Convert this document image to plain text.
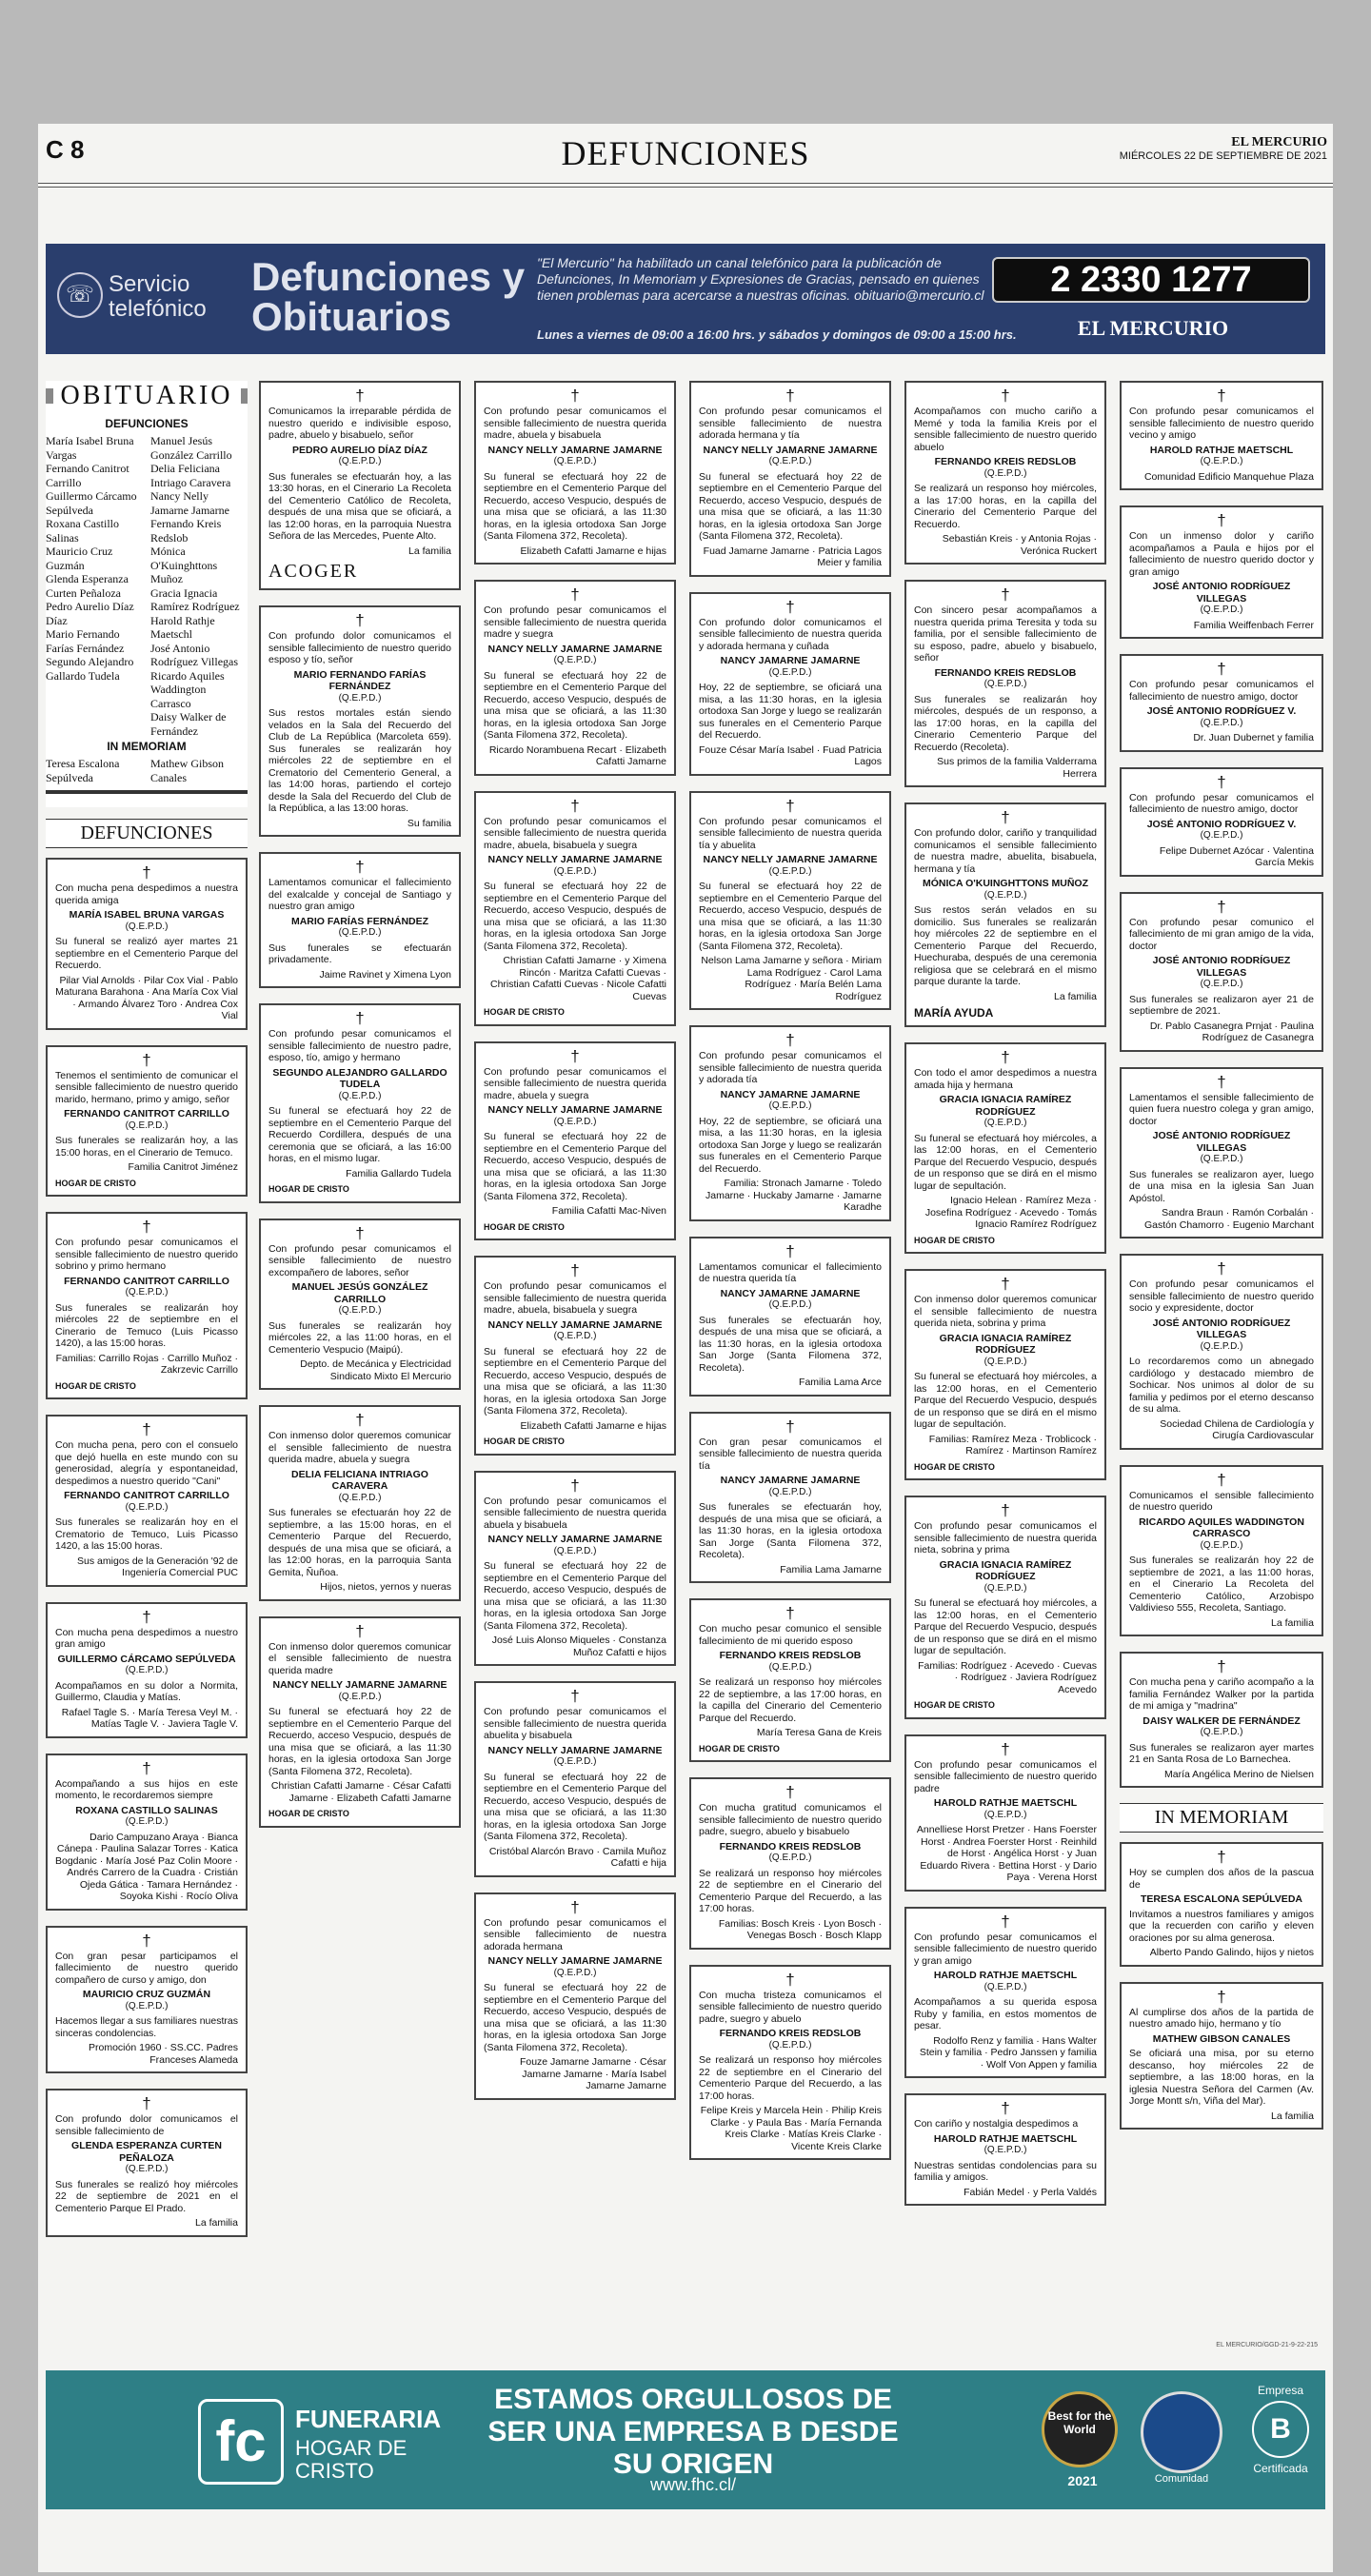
C 8	DEFUNCIONES	EL MERCURIO
MIÉRCOLES 22 DE SEPTIEMBRE DE 2021
☏ Servicio telefónico
Defunciones y Obituarios
"El Mercurio" ha habilitado un canal telefónico para la publicación de Defunciones, In Memoriam y Expresiones de Gracias, pensado en quienes tienen problemas para acercarse a nuestras oficinas. obituario@mercurio.cl
Lunes a viernes de 09:00 a 16:00 hrs. y sábados y domingos de 09:00 a 15:00 hrs.
2 2330 1277
EL MERCURIO
OBITUARIO
DEFUNCIONES

María Isabel Bruna Vargas

Fernando Canitrot Carrillo

Guillermo Cárcamo Sepúlveda

Roxana Castillo Salinas

Mauricio Cruz Guzmán

Glenda Esperanza Curten Peñaloza

Pedro Aurelio Díaz Díaz

Mario Fernando Farías Fernández

Segundo Alejandro Gallardo Tudela

Manuel Jesús González Carrillo

Delia Feliciana Intriago Caravera

Nancy Nelly Jamarne Jamarne

Fernando Kreis Redslob

Mónica O'Kuinghttons Muñoz

Gracia Ignacia Ramírez Rodríguez

Harold Rathje Maetschl

José Antonio Rodríguez Villegas

Ricardo Aquiles Waddington Carrasco

Daisy Walker de Fernández

IN MEMORIAM

Teresa Escalona Sepúlveda

Mathew Gibson Canales

DEFUNCIONES
†
Con mucha pena despedimos a nuestra querida amiga
MARÍA ISABEL BRUNA VARGAS
(Q.E.P.D.)
Su funeral se realizó ayer martes 21 septiembre en el Cementerio Parque del Recuerdo.
Pilar Vial Arnolds · Pilar Cox Vial · Pablo Maturana Barahona · Ana María Cox Vial · Armando Álvarez Toro · Andrea Cox Vial
†
Tenemos el sentimiento de comunicar el sensible fallecimiento de nuestro querido marido, hermano, primo y amigo, señor
FERNANDO CANITROT CARRILLO
(Q.E.P.D.)
Sus funerales se realizarán hoy, a las 15:00 horas, en el Cinerario de Temuco.
Familia Canitrot Jiménez
HOGAR DE CRISTO
†
Con profundo pesar comunicamos el sensible fallecimiento de nuestro querido sobrino y primo hermano
FERNANDO CANITROT CARRILLO
(Q.E.P.D.)
Sus funerales se realizarán hoy miércoles 22 de septiembre en el Cinerario de Temuco (Luis Picasso 1420), a las 15:00 horas.
Familias: Carrillo Rojas · Carrillo Muñoz · Zakrzevic Carrillo
HOGAR DE CRISTO
†
Con mucha pena, pero con el consuelo que dejó huella en este mundo con su generosidad, alegría y espontaneidad, despedimos a nuestro querido "Cani"
FERNANDO CANITROT CARRILLO
(Q.E.P.D.)
Sus funerales se realizarán hoy en el Crematorio de Temuco, Luis Picasso 1420, a las 15:00 horas.
Sus amigos de la Generación '92 de Ingeniería Comercial PUC
†
Con mucha pena despedimos a nuestro gran amigo
GUILLERMO CÁRCAMO SEPÚLVEDA
(Q.E.P.D.)
Acompañamos en su dolor a Normita, Guillermo, Claudia y Matías.
Rafael Tagle S. · María Teresa Veyl M. · Matías Tagle V. · Javiera Tagle V.
†
Acompañando a sus hijos en este momento, le recordaremos siempre
ROXANA CASTILLO SALINAS
(Q.E.P.D.)
Dario Campuzano Araya · Bianca Cánepa · Paulina Salazar Torres · Katica Bogdanic · María José Paz Colin Moore · Andrés Carrero de la Cuadra · Cristián Ojeda Gática · Tamara Hernández · Soyoka Kishi · Rocío Oliva
†
Con gran pesar participamos el fallecimiento de nuestro querido compañero de curso y amigo, don
MAURICIO CRUZ GUZMÁN
(Q.E.P.D.)
Hacemos llegar a sus familiares nuestras sinceras condolencias.
Promoción 1960 · SS.CC. Padres Franceses Alameda
†
Con profundo dolor comunicamos el sensible fallecimiento de
GLENDA ESPERANZA CURTEN PEÑALOZA
(Q.E.P.D.)
Sus funerales se realizó hoy miércoles 22 de septiembre de 2021 en el Cementerio Parque El Prado.
La familia
†
Comunicamos la irreparable pérdida de nuestro querido e indivisible esposo, padre, abuelo y bisabuelo, señor
PEDRO AURELIO DÍAZ DÍAZ
(Q.E.P.D.)
Sus funerales se efectuarán hoy, a las 13:30 horas, en el Cinerario La Recoleta del Cementerio Católico de Recoleta, después de una misa que se oficiará, a las 12:00 horas, en la parroquia Nuestra Señora de las Mercedes, Puente Alto.
La familia
ACOGER
†
Con profundo dolor comunicamos el sensible fallecimiento de nuestro querido esposo y tío, señor
MARIO FERNANDO FARÍAS FERNÁNDEZ
(Q.E.P.D.)
Sus restos mortales están siendo velados en la Sala del Recuerdo del Club de La República (Marcoleta 659). Sus funerales se realizarán hoy miércoles 22 de septiembre en el Crematorio del Cementerio General, a las 14:00 horas, partiendo el cortejo desde la Sala del Recuerdo del Club de la República, a las 13:00 horas.
Su familia
†
Lamentamos comunicar el fallecimiento del exalcalde y concejal de Santiago y nuestro gran amigo
MARIO FARÍAS FERNÁNDEZ
(Q.E.P.D.)
Sus funerales se efectuarán privadamente.
Jaime Ravinet y Ximena Lyon
†
Con profundo pesar comunicamos el sensible fallecimiento de nuestro padre, esposo, tío, amigo y hermano
SEGUNDO ALEJANDRO GALLARDO TUDELA
(Q.E.P.D.)
Su funeral se efectuará hoy 22 de septiembre en el Cementerio Parque del Recuerdo Cordillera, después de una ceremonia que se oficiará, a las 16:00 horas, en el mismo lugar.
Familia Gallardo Tudela
HOGAR DE CRISTO
†
Con profundo pesar comunicamos el sensible fallecimiento de nuestro excompañero de labores, señor
MANUEL JESÚS GONZÁLEZ CARRILLO
(Q.E.P.D.)
Sus funerales se realizarán hoy miércoles 22, a las 11:00 horas, en el Cementerio Vespucio (Maipú).
Depto. de Mecánica y Electricidad Sindicato Mixto El Mercurio
†
Con inmenso dolor queremos comunicar el sensible fallecimiento de nuestra querida madre, abuela y suegra
DELIA FELICIANA INTRIAGO CARAVERA
(Q.E.P.D.)
Sus funerales se efectuarán hoy 22 de septiembre, a las 15:00 horas, en el Cementerio Parque del Recuerdo, después de una misa que se oficiará, a las 12:00 horas, en la parroquia Santa Gemita, Ñuñoa.
Hijos, nietos, yernos y nueras
†
Con inmenso dolor queremos comunicar el sensible fallecimiento de nuestra querida madre
NANCY NELLY JAMARNE JAMARNE
(Q.E.P.D.)
Su funeral se efectuará hoy 22 de septiembre en el Cementerio Parque del Recuerdo, acceso Vespucio, después de una misa que se oficiará, a las 11:30 horas, en la iglesia ortodoxa San Jorge (Santa Filomena 372, Recoleta).
Christian Cafatti Jamarne · César Cafatti Jamarne · Elizabeth Cafatti Jamarne
HOGAR DE CRISTO
†
Con profundo pesar comunicamos el sensible fallecimiento de nuestra querida madre, abuela y bisabuela
NANCY NELLY JAMARNE JAMARNE
(Q.E.P.D.)
Su funeral se efectuará hoy 22 de septiembre en el Cementerio Parque del Recuerdo, acceso Vespucio, después de una misa que se oficiará, a las 11:30 horas, en la iglesia ortodoxa San Jorge (Santa Filomena 372, Recoleta).
Elizabeth Cafatti Jamarne e hijas
†
Con profundo pesar comunicamos el sensible fallecimiento de nuestra querida madre y suegra
NANCY NELLY JAMARNE JAMARNE
(Q.E.P.D.)
Su funeral se efectuará hoy 22 de septiembre en el Cementerio Parque del Recuerdo, acceso Vespucio, después de una misa que se oficiará, a las 11:30 horas, en la iglesia ortodoxa San Jorge (Santa Filomena 372, Recoleta).
Ricardo Norambuena Recart · Elizabeth Cafatti Jamarne
†
Con profundo pesar comunicamos el sensible fallecimiento de nuestra querida madre, abuela, bisabuela y suegra
NANCY NELLY JAMARNE JAMARNE
(Q.E.P.D.)
Su funeral se efectuará hoy 22 de septiembre en el Cementerio Parque del Recuerdo, acceso Vespucio, después de una misa que se oficiará, a las 11:30 horas, en la iglesia ortodoxa San Jorge (Santa Filomena 372, Recoleta).
Christian Cafatti Jamarne · y Ximena Rincón · Maritza Cafatti Cuevas · Christian Cafatti Cuevas · Nicole Cafatti Cuevas
HOGAR DE CRISTO
†
Con profundo pesar comunicamos el sensible fallecimiento de nuestra querida madre, abuela y suegra
NANCY NELLY JAMARNE JAMARNE
(Q.E.P.D.)
Su funeral se efectuará hoy 22 de septiembre en el Cementerio Parque del Recuerdo, acceso Vespucio, después de una misa que se oficiará, a las 11:30 horas, en la iglesia ortodoxa San Jorge (Santa Filomena 372, Recoleta).
Familia Cafatti Mac-Niven
HOGAR DE CRISTO
†
Con profundo pesar comunicamos el sensible fallecimiento de nuestra querida madre, abuela, bisabuela y suegra
NANCY NELLY JAMARNE JAMARNE
(Q.E.P.D.)
Su funeral se efectuará hoy 22 de septiembre en el Cementerio Parque del Recuerdo, acceso Vespucio, después de una misa que se oficiará, a las 11:30 horas, en la iglesia ortodoxa San Jorge (Santa Filomena 372, Recoleta).
Elizabeth Cafatti Jamarne e hijas
HOGAR DE CRISTO
†
Con profundo pesar comunicamos el sensible fallecimiento de nuestra querida abuela y bisabuela
NANCY NELLY JAMARNE JAMARNE
(Q.E.P.D.)
Su funeral se efectuará hoy 22 de septiembre en el Cementerio Parque del Recuerdo, acceso Vespucio, después de una misa que se oficiará, a las 11:30 horas, en la iglesia ortodoxa San Jorge (Santa Filomena 372, Recoleta).
José Luis Alonso Miqueles · Constanza Muñoz Cafatti e hijos
†
Con profundo pesar comunicamos el sensible fallecimiento de nuestra querida abuelita y bisabuela
NANCY NELLY JAMARNE JAMARNE
(Q.E.P.D.)
Su funeral se efectuará hoy 22 de septiembre en el Cementerio Parque del Recuerdo, acceso Vespucio, después de una misa que se oficiará, a las 11:30 horas, en la iglesia ortodoxa San Jorge (Santa Filomena 372, Recoleta).
Cristóbal Alarcón Bravo · Camila Muñoz Cafatti e hija
†
Con profundo pesar comunicamos el sensible fallecimiento de nuestra adorada hermana
NANCY NELLY JAMARNE JAMARNE
(Q.E.P.D.)
Su funeral se efectuará hoy 22 de septiembre en el Cementerio Parque del Recuerdo, acceso Vespucio, después de una misa que se oficiará, a las 11:30 horas, en la iglesia ortodoxa San Jorge (Santa Filomena 372, Recoleta).
Fouze Jamarne Jamarne · César Jamarne Jamarne · María Isabel Jamarne Jamarne
†
Con profundo pesar comunicamos el sensible fallecimiento de nuestra adorada hermana y tía
NANCY NELLY JAMARNE JAMARNE
(Q.E.P.D.)
Su funeral se efectuará hoy 22 de septiembre en el Cementerio Parque del Recuerdo, acceso Vespucio, después de una misa que se oficiará, a las 11:30 horas, en la iglesia ortodoxa San Jorge (Santa Filomena 372, Recoleta).
Fuad Jamarne Jamarne · Patricia Lagos Meier y familia
†
Con profundo dolor comunicamos el sensible fallecimiento de nuestra querida y adorada hermana y cuñada
NANCY JAMARNE JAMARNE
(Q.E.P.D.)
Hoy, 22 de septiembre, se oficiará una misa, a las 11:30 horas, en la iglesia ortodoxa San Jorge y luego se realizarán sus funerales en el Cementerio Parque del Recuerdo.
Fouze César María Isabel · Fuad Patricia Lagos
†
Con profundo pesar comunicamos el sensible fallecimiento de nuestra querida tía y abuelita
NANCY NELLY JAMARNE JAMARNE
(Q.E.P.D.)
Su funeral se efectuará hoy 22 de septiembre en el Cementerio Parque del Recuerdo, acceso Vespucio, después de una misa que se oficiará, a las 11:30 horas, en la iglesia ortodoxa San Jorge (Santa Filomena 372, Recoleta).
Nelson Lama Jamarne y señora · Miriam Lama Rodríguez · Carol Lama Rodríguez · María Belén Lama Rodríguez
†
Con profundo pesar comunicamos el sensible fallecimiento de nuestra querida y adorada tía
NANCY JAMARNE JAMARNE
(Q.E.P.D.)
Hoy, 22 de septiembre, se oficiará una misa, a las 11:30 horas, en la iglesia ortodoxa San Jorge y luego se realizarán sus funerales en el Cementerio Parque del Recuerdo.
Familia: Stronach Jamarne · Toledo Jamarne · Huckaby Jamarne · Jamarne Karadhe
†
Lamentamos comunicar el fallecimiento de nuestra querida tía
NANCY JAMARNE JAMARNE
(Q.E.P.D.)
Sus funerales se efectuarán hoy, después de una misa que se oficiará, a las 11:30 horas, en la iglesia ortodoxa San Jorge (Santa Filomena 372, Recoleta).
Familia Lama Arce
†
Con gran pesar comunicamos el sensible fallecimiento de nuestra querida tía
NANCY JAMARNE JAMARNE
(Q.E.P.D.)
Sus funerales se efectuarán hoy, después de una misa que se oficiará, a las 11:30 horas, en la iglesia ortodoxa San Jorge (Santa Filomena 372, Recoleta).
Familia Lama Jamarne
†
Con mucho pesar comunico el sensible fallecimiento de mi querido esposo
FERNANDO KREIS REDSLOB
(Q.E.P.D.)
Se realizará un responso hoy miércoles 22 de septiembre, a las 17:00 horas, en la capilla del Cinerario del Cementerio Parque del Recuerdo.
María Teresa Gana de Kreis
HOGAR DE CRISTO
†
Con mucha gratitud comunicamos el sensible fallecimiento de nuestro querido padre, suegro, abuelo y bisabuelo
FERNANDO KREIS REDSLOB
(Q.E.P.D.)
Se realizará un responso hoy miércoles 22 de septiembre en el Cinerario del Cementerio Parque del Recuerdo, a las 17:00 horas.
Familias: Bosch Kreis · Lyon Bosch · Venegas Bosch · Bosch Klapp
†
Con mucha tristeza comunicamos el sensible fallecimiento de nuestro querido padre, suegro y abuelo
FERNANDO KREIS REDSLOB
(Q.E.P.D.)
Se realizará un responso hoy miércoles 22 de septiembre en el Cinerario del Cementerio Parque del Recuerdo, a las 17:00 horas.
Felipe Kreis y Marcela Hein · Philip Kreis Clarke · y Paula Bas · María Fernanda Kreis Clarke · Matías Kreis Clarke · Vicente Kreis Clarke
†
Acompañamos con mucho cariño a Memé y toda la familia Kreis por el sensible fallecimiento de nuestro querido abuelo
FERNANDO KREIS REDSLOB
(Q.E.P.D.)
Se realizará un responso hoy miércoles, a las 17:00 horas, en la capilla del Cinerario del Cementerio Parque del Recuerdo.
Sebastián Kreis · y Antonia Rojas · Verónica Ruckert
†
Con sincero pesar acompañamos a nuestra querida prima Teresita y toda su familia, por el sensible fallecimiento de su esposo, padre, abuelo y bisabuelo, señor
FERNANDO KREIS REDSLOB
(Q.E.P.D.)
Sus funerales se realizarán hoy miércoles, después de un responso, a las 17:00 horas, en la capilla del Cinerario Cementerio Parque del Recuerdo (Recoleta).
Sus primos de la familia Valderrama Herrera
†
Con profundo dolor, cariño y tranquilidad comunicamos el sensible fallecimiento de nuestra madre, abuelita, bisabuela, hermana y tía
MÓNICA O'KUINGHTTONS MUÑOZ
(Q.E.P.D.)
Sus restos serán velados en su domicilio. Sus funerales se realizarán hoy miércoles 22 de septiembre en el Cementerio Parque del Recuerdo, Huechuraba, después de una ceremonia religiosa que se celebrará en el mismo parque durante la tarde.
La familia
MARÍA AYUDA
†
Con todo el amor despedimos a nuestra amada hija y hermana
GRACIA IGNACIA RAMÍREZ RODRÍGUEZ
(Q.E.P.D.)
Su funeral se efectuará hoy miércoles, a las 12:00 horas, en el Cementerio Parque del Recuerdo Vespucio, después de un responso que se dirá en el mismo lugar de sepultación.
Ignacio Helean · Ramírez Meza · Josefina Rodríguez · Acevedo · Tomás Ignacio Ramírez Rodríguez
HOGAR DE CRISTO
†
Con inmenso dolor queremos comunicar el sensible fallecimiento de nuestra querida nieta, sobrina y prima
GRACIA IGNACIA RAMÍREZ RODRÍGUEZ
(Q.E.P.D.)
Su funeral se efectuará hoy miércoles, a las 12:00 horas, en el Cementerio Parque del Recuerdo Vespucio, después de un responso que se dirá en el mismo lugar de sepultación.
Familias: Ramírez Meza · Troblicock · Ramírez · Martinson Ramírez
HOGAR DE CRISTO
†
Con profundo pesar comunicamos el sensible fallecimiento de nuestra querida nieta, sobrina y prima
GRACIA IGNACIA RAMÍREZ RODRÍGUEZ
(Q.E.P.D.)
Su funeral se efectuará hoy miércoles, a las 12:00 horas, en el Cementerio Parque del Recuerdo Vespucio, después de un responso que se dirá en el mismo lugar de sepultación.
Familias: Rodríguez · Acevedo · Cuevas · Rodríguez · Javiera Rodríguez Acevedo
HOGAR DE CRISTO
†
Con profundo pesar comunicamos el sensible fallecimiento de nuestro querido padre
HAROLD RATHJE MAETSCHL
(Q.E.P.D.)
Annelliese Horst Pretzer · Hans Foerster Horst · Andrea Foerster Horst · Reinhild de Horst · Angélica Horst · y Juan Eduardo Rivera · Bettina Horst · y Dario Paya · Verena Horst
†
Con profundo pesar comunicamos el sensible fallecimiento de nuestro querido y gran amigo
HAROLD RATHJE MAETSCHL
(Q.E.P.D.)
Acompañamos a su querida esposa Ruby y familia, en estos momentos de pesar.
Rodolfo Renz y familia · Hans Walter Stein y familia · Pedro Janssen y familia · Wolf Von Appen y familia
†
Con cariño y nostalgia despedimos a
HAROLD RATHJE MAETSCHL
(Q.E.P.D.)
Nuestras sentidas condolencias para su familia y amigos.
Fabián Medel · y Perla Valdés
†
Con profundo pesar comunicamos el sensible fallecimiento de nuestro querido vecino y amigo
HAROLD RATHJE MAETSCHL
(Q.E.P.D.)
Comunidad Edificio Manquehue Plaza
†
Con un inmenso dolor y cariño acompañamos a Paula e hijos por el fallecimiento de nuestro querido doctor y gran amigo
JOSÉ ANTONIO RODRÍGUEZ VILLEGAS
(Q.E.P.D.)
Familia Weiffenbach Ferrer
†
Con profundo pesar comunicamos el fallecimiento de nuestro amigo, doctor
JOSÉ ANTONIO RODRÍGUEZ V.
(Q.E.P.D.)
Dr. Juan Dubernet y familia
†
Con profundo pesar comunicamos el fallecimiento de nuestro amigo, doctor
JOSÉ ANTONIO RODRÍGUEZ V.
(Q.E.P.D.)
Felipe Dubernet Azócar · Valentina García Mekis
†
Con profundo pesar comunico el fallecimiento de mi gran amigo de la vida, doctor
JOSÉ ANTONIO RODRÍGUEZ VILLEGAS
(Q.E.P.D.)
Sus funerales se realizaron ayer 21 de septiembre de 2021.
Dr. Pablo Casanegra Prnjat · Paulina Rodríguez de Casanegra
†
Lamentamos el sensible fallecimiento de quien fuera nuestro colega y gran amigo, doctor
JOSÉ ANTONIO RODRÍGUEZ VILLEGAS
(Q.E.P.D.)
Sus funerales se realizaron ayer, luego de una misa en la iglesia San Juan Apóstol.
Sandra Braun · Ramón Corbalán · Gastón Chamorro · Eugenio Marchant
†
Con profundo pesar comunicamos el sensible fallecimiento de nuestro querido socio y expresidente, doctor
JOSÉ ANTONIO RODRÍGUEZ VILLEGAS
(Q.E.P.D.)
Lo recordaremos como un abnegado cardiólogo y destacado miembro de Sochicar. Nos unimos al dolor de su familia y pedimos por el eterno descanso de su alma.
Sociedad Chilena de Cardiología y Cirugía Cardiovascular
†
Comunicamos el sensible fallecimiento de nuestro querido
RICARDO AQUILES WADDINGTON CARRASCO
(Q.E.P.D.)
Sus funerales se realizarán hoy 22 de septiembre de 2021, a las 11:00 horas, en el Cinerario La Recoleta del Cementerio Católico, Arzobispo Valdivieso 555, Recoleta, Santiago.
La familia
†
Con mucha pena y cariño acompaño a la familia Fernández Walker por la partida de mi amiga y "madrina"
DAISY WALKER DE FERNÁNDEZ
(Q.E.P.D.)
Sus funerales se realizaron ayer martes 21 en Santa Rosa de Lo Barnechea.
María Angélica Merino de Nielsen
IN MEMORIAM
†
Hoy se cumplen dos años de la pascua de
TERESA ESCALONA SEPÚLVEDA
Invitamos a nuestros familiares y amigos que la recuerden con cariño y eleven oraciones por su alma generosa.
Alberto Pando Galindo, hijos y nietos
†
Al cumplirse dos años de la partida de nuestro amado hijo, hermano y tío
MATHEW GIBSON CANALES
Se oficiará una misa, por su eterno descanso, hoy miércoles 22 de septiembre, a las 18:00 horas, en la iglesia Nuestra Señora del Carmen (Av. Jorge Montt s/n, Viña del Mar).
La familia
EL MERCURIO/GGD-21-9-22-215
fc	FUNERARIA
HOGAR DE CRISTO
ESTAMOS ORGULLOSOS DE SER UNA EMPRESA B DESDE SU ORIGEN
www.fhc.cl/
Best for the World
2021	Comunidad
Empresa
B
Certificada
